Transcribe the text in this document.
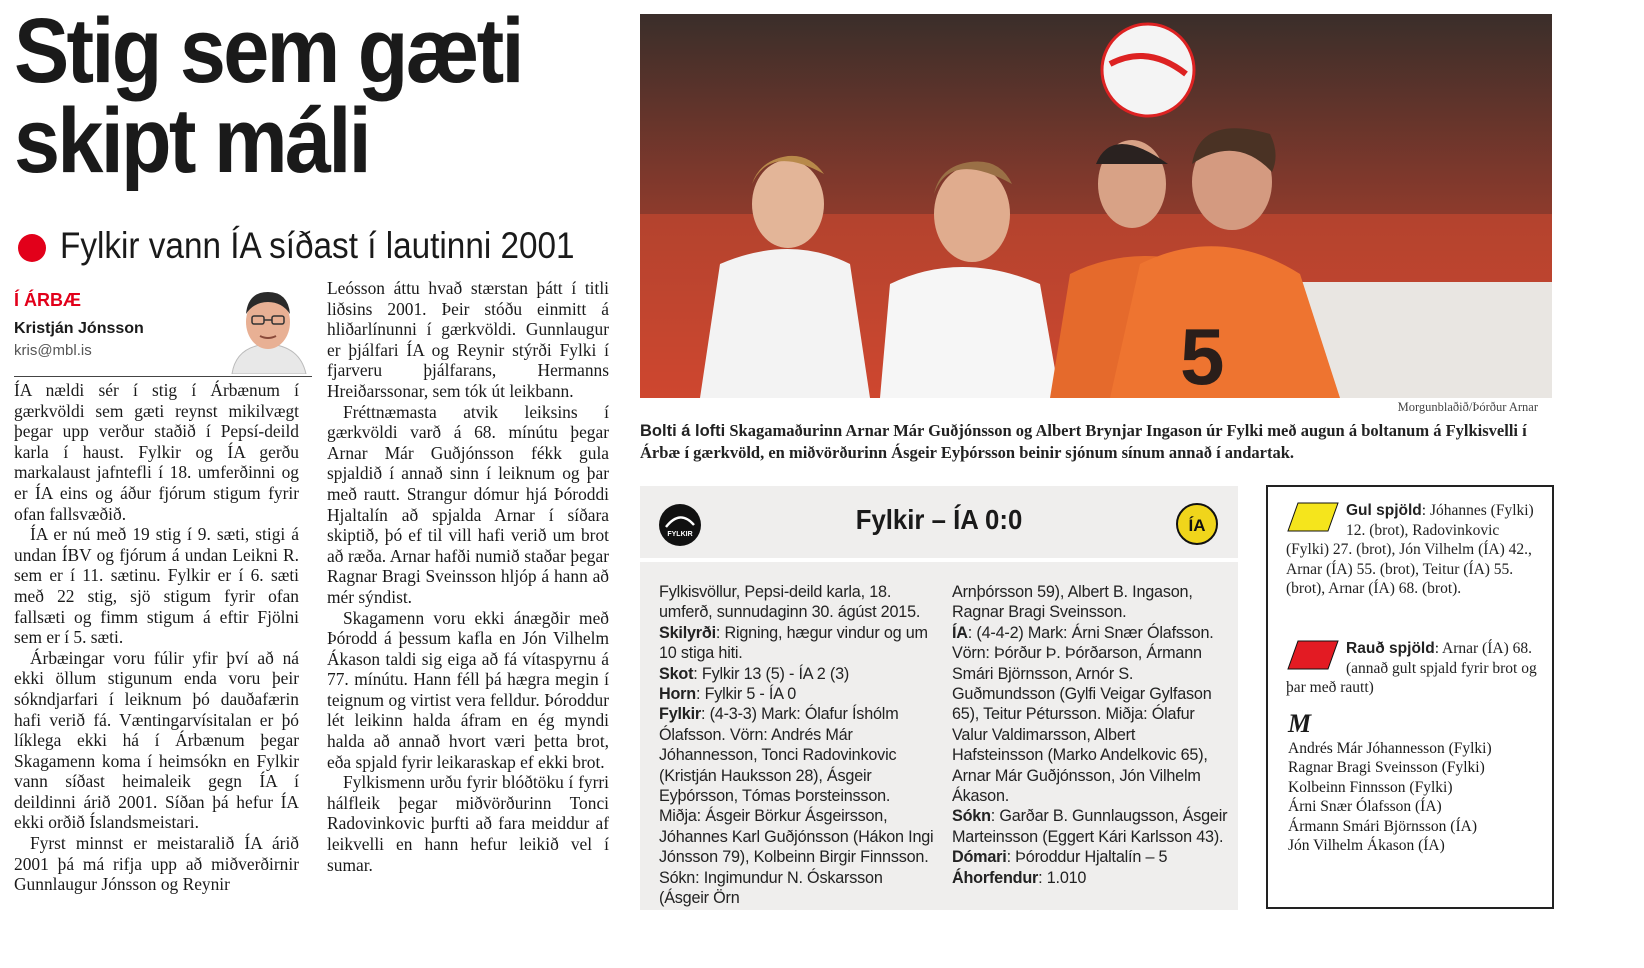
Stig sem gæti
skipt máli
Fylkir vann ÍA síðast í lautinni 2001
Í ÁRBÆ
Kristján Jónsson
kris@mbl.is

ÍA nældi sér í stig í Árbænum í gærkvöldi sem gæti reynst mikilvægt þegar upp verður staðið í Pepsí-deild karla í haust. Fylkir og ÍA gerðu markalaust jafntefli í 18. umferðinni og er ÍA eins og áður fjórum stigum fyrir ofan fallsvæðið.

ÍA er nú með 19 stig í 9. sæti, stigi á undan ÍBV og fjórum á undan Leikni R. sem er í 11. sætinu. Fylkir er í 6. sæti með 22 stig, sjö stigum fyrir ofan fallsæti og fimm stigum á eftir Fjölni sem er í 5. sæti.

Árbæingar voru fúlir yfir því að ná ekki öllum stigunum enda voru þeir sókndjarfari í leiknum þó dauðafærin hafi verið fá. Væntingarvísitalan er þó líklega ekki há í Árbænum þegar Skagamenn koma í heimsókn en Fylkir vann síðast heimaleik gegn ÍA í deildinni árið 2001. Síðan þá hefur ÍA ekki orðið Íslandsmeistari.

Fyrst minnst er meistaralið ÍA árið 2001 þá má rifja upp að miðverðirnir Gunnlaugur Jónsson og Reynir

Leósson áttu hvað stærstan þátt í titli liðsins 2001. Þeir stóðu einmitt á hliðarlínunni í gærkvöldi. Gunnlaugur er þjálfari ÍA og Reynir stýrði Fylki í fjarveru þjálfarans, Hermanns Hreiðarssonar, sem tók út leikbann.

Fréttnæmasta atvik leiksins í gærkvöldi varð á 68. mínútu þegar Arnar Már Guðjónsson fékk gula spjaldið í annað sinn í leiknum og þar með rautt. Strangur dómur hjá Þóroddi Hjaltalín að spjalda Arnar í síðara skiptið, þó ef til vill hafi verið um brot að ræða. Arnar hafði numið staðar þegar Ragnar Bragi Sveinsson hljóp á hann að mér sýndist.

Skagamenn voru ekki ánægðir með Þórodd á þessum kafla en Jón Vilhelm Ákason taldi sig eiga að fá vítaspyrnu á 77. mínútu. Hann féll þá hægra megin í teignum og virtist vera felldur. Þóroddur lét leikinn halda áfram en ég myndi halda að annað hvort væri þetta brot, eða spjald fyrir leikaraskap ef ekki brot.

Fylkismenn urðu fyrir blóðtöku í fyrri hálfleik þegar miðvörðurinn Tonci Radovinkovic þurfti að fara meiddur af leikvelli en hann hefur leikið vel í sumar.

5
Morgunblaðið/Þórður Arnar
Bolti á lofti Skagamaðurinn Arnar Már Guðjónsson og Albert Brynjar Ingason úr Fylki með augun á boltanum á Fylkisvelli í Árbæ í gærkvöld, en miðvörðurinn Ásgeir Eyþórsson beinir sjónum sínum annað í andartak.
FYLKIR	Fylkir – ÍA 0:0	ÍA
Fylkisvöllur, Pepsi-deild karla, 18. umferð, sunnudaginn 30. ágúst 2015.
Skilyrði: Rigning, hægur vindur og um 10 stiga hiti.
Skot: Fylkir 13 (5) - ÍA 2 (3)
Horn: Fylkir 5 - ÍA 0
Fylkir: (4-3-3) Mark: Ólafur Íshólm Ólafsson. Vörn: Andrés Már Jóhannesson, Tonci Radovinkovic (Kristján Hauksson 28), Ásgeir Eyþórsson, Tómas Þorsteinsson. Miðja: Ásgeir Börkur Ásgeirsson, Jóhannes Karl Guðjónsson (Hákon Ingi Jónsson 79), Kolbeinn Birgir Finnsson. Sókn: Ingimundur N. Óskarsson (Ásgeir Örn
Arnþórsson 59), Albert B. Ingason, Ragnar Bragi Sveinsson.
ÍA: (4-4-2) Mark: Árni Snær Ólafsson. Vörn: Þórður Þ. Þórðarson, Ármann Smári Björnsson, Arnór S. Guðmundsson (Gylfi Veigar Gylfason 65), Teitur Pétursson. Miðja: Ólafur Valur Valdimarsson, Albert Hafsteinsson (Marko Andelkovic 65), Arnar Már Guðjónsson, Jón Vilhelm Ákason.
Sókn: Garðar B. Gunnlaugsson, Ásgeir Marteinsson (Eggert Kári Karlsson 43).
Dómari: Þóroddur Hjaltalín – 5
Áhorfendur: 1.010
Gul spjöld: Jóhannes (Fylki) 12. (brot), Radovinkovic (Fylki) 27. (brot), Jón Vilhelm (ÍA) 42., Arnar (ÍA) 55. (brot), Teitur (ÍA) 55. (brot), Arnar (ÍA) 68. (brot).
Rauð spjöld: Arnar (ÍA) 68. (annað gult spjald fyrir brot og þar með rautt)
M
Andrés Már Jóhannesson (Fylki)
Ragnar Bragi Sveinsson (Fylki)
Kolbeinn Finnsson (Fylki)
Árni Snær Ólafsson (ÍA)
Ármann Smári Björnsson (ÍA)
Jón Vilhelm Ákason (ÍA)
